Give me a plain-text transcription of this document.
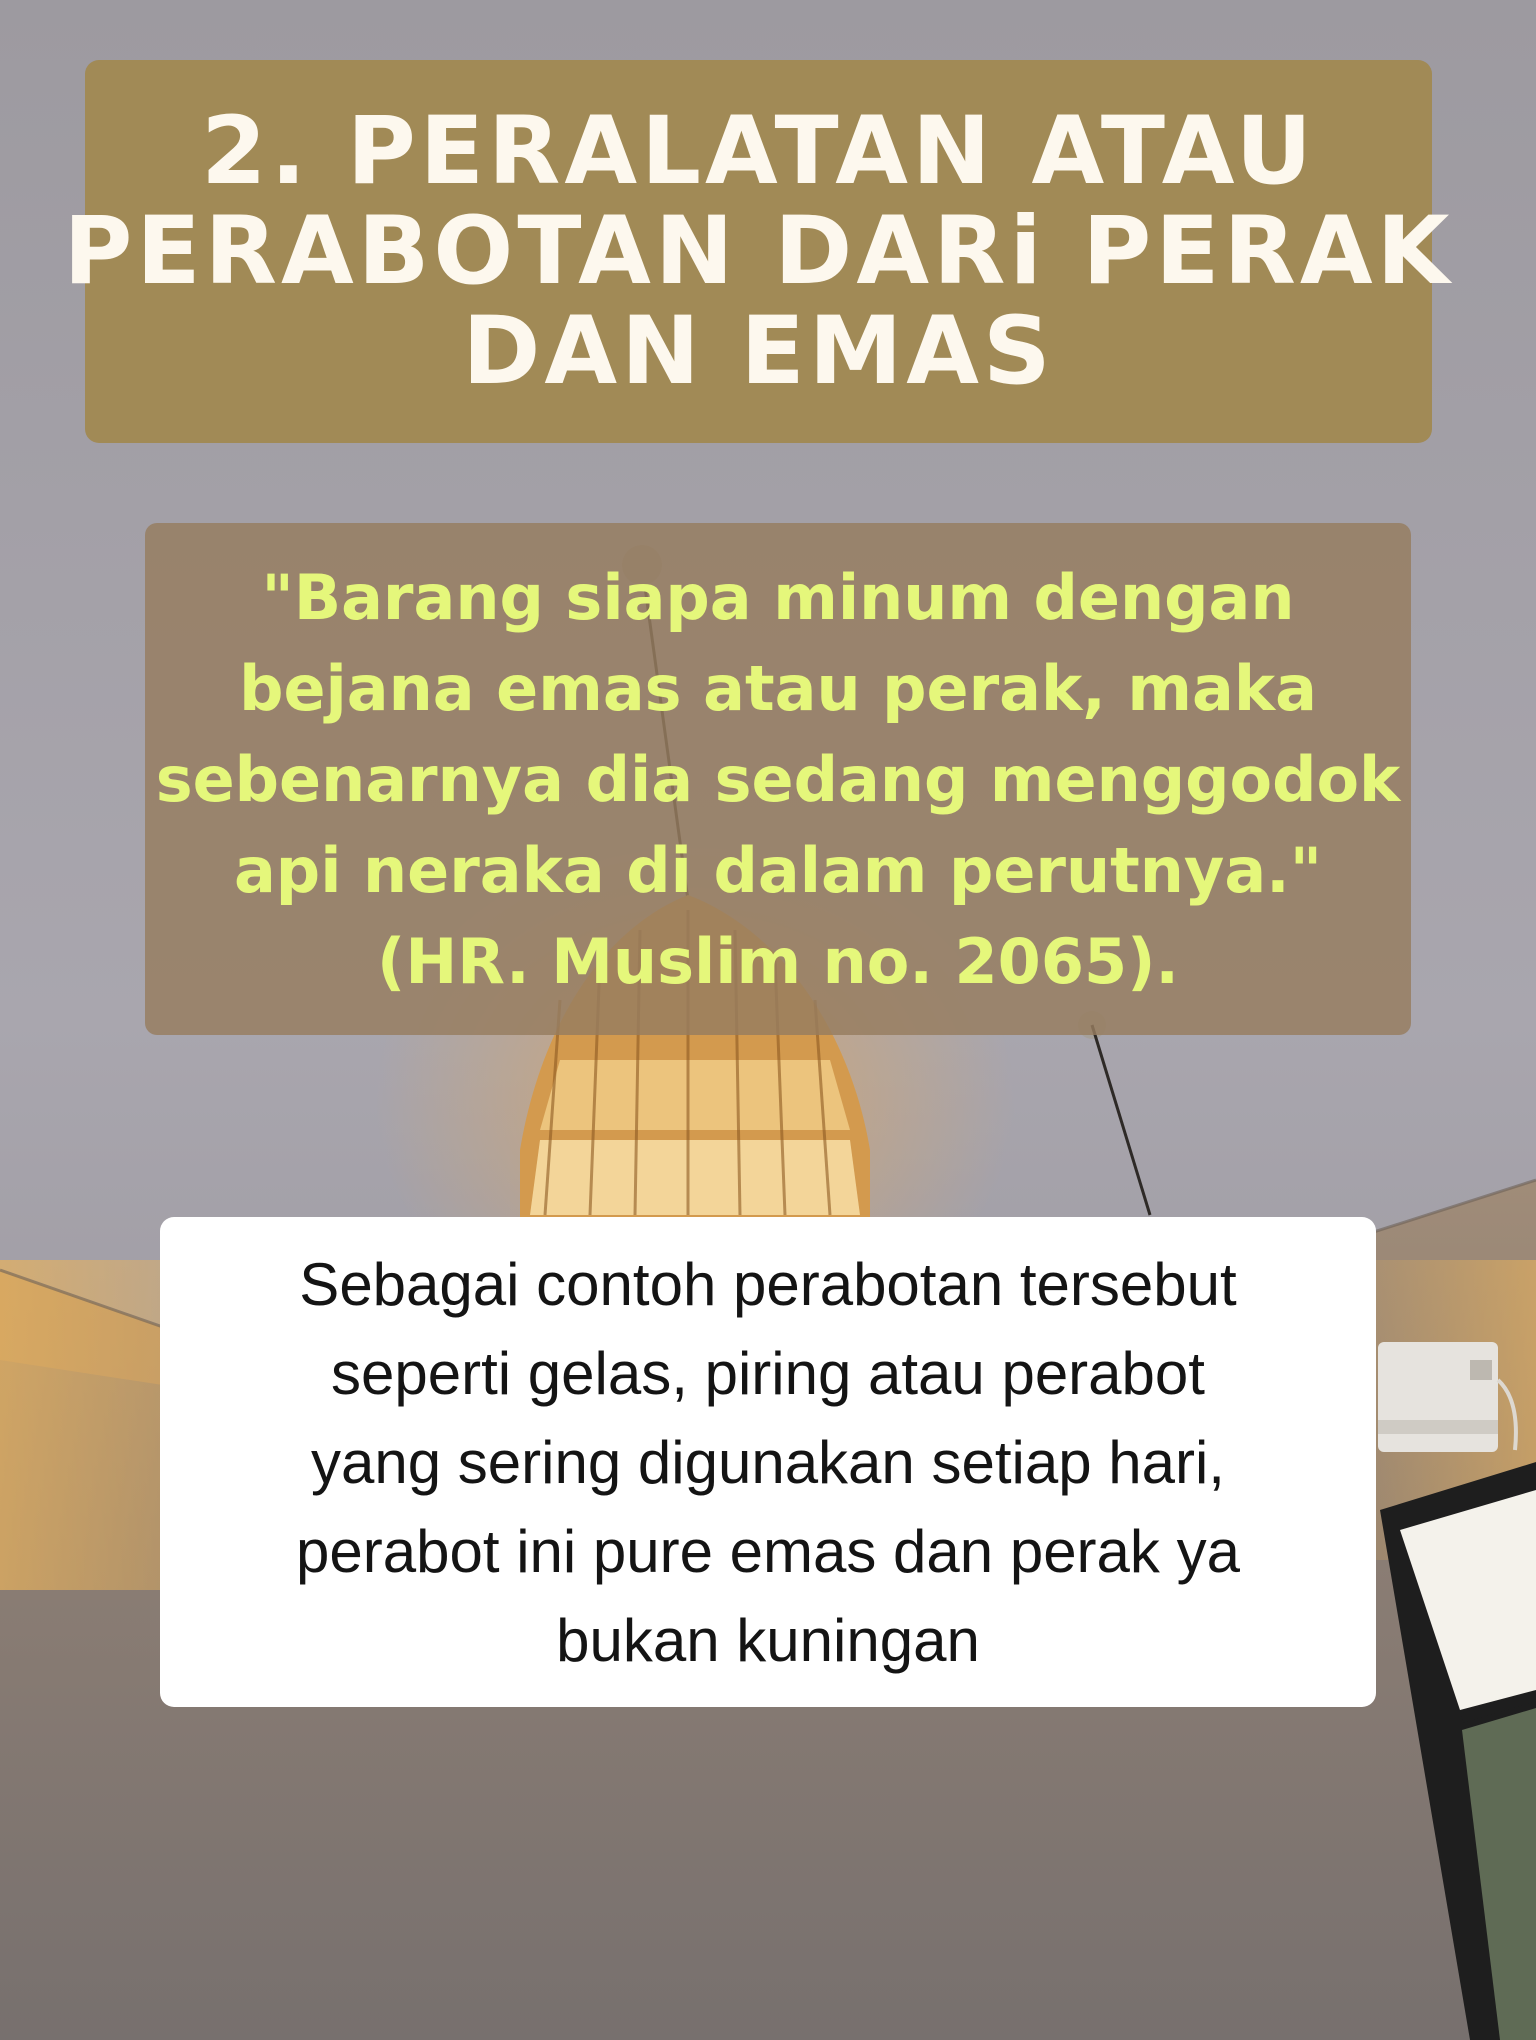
2. PERALATAN ATAU
PERABOTAN DARi PERAK
DAN EMAS
"Barang siapa minum dengan
bejana emas atau perak, maka
sebenarnya dia sedang menggodok
api neraka di dalam perutnya."
(HR. Muslim no. 2065).
Sebagai contoh perabotan tersebut
seperti gelas, piring atau perabot
yang sering digunakan setiap hari,
perabot ini pure emas dan perak ya
bukan kuningan
